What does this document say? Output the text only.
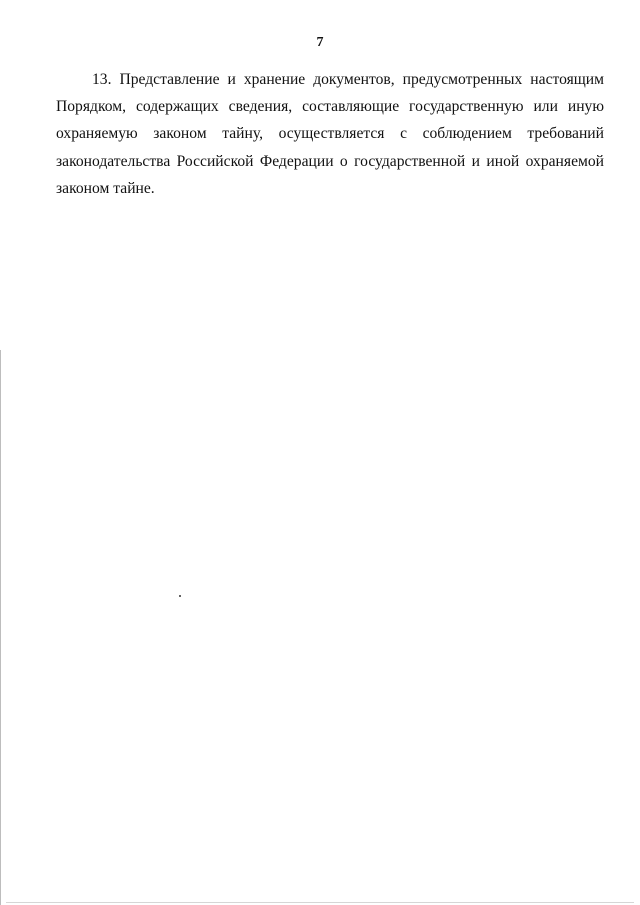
7
13. Представление и хранение документов, предусмотренных настоящим
Порядком, содержащих сведения, составляющие государственную или иную
охраняемую законом тайну, осуществляется с соблюдением требований
законодательства Российской Федерации о государственной и иной охраняемой
законом тайне.
